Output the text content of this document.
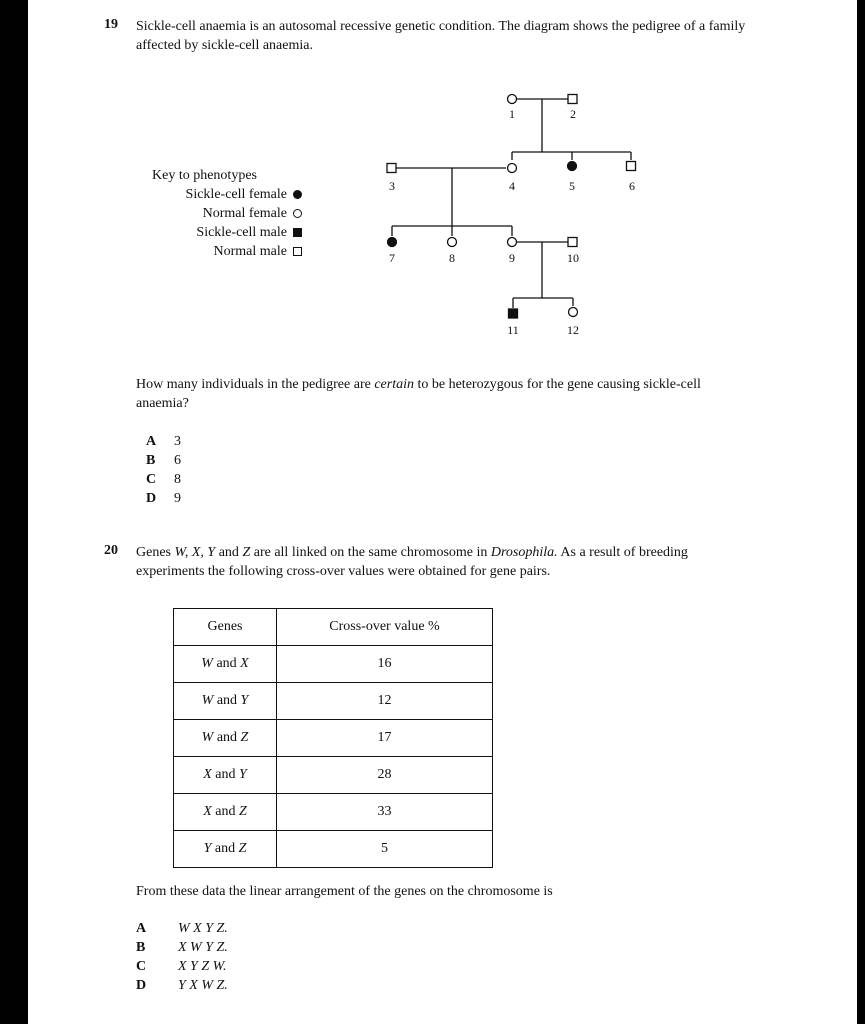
19 Sickle-cell anaemia is an autosomal recessive genetic condition. The diagram shows the pedigree of a family affected by sickle-cell anaemia.
Key to phenotypes
Sickle-cell female
Normal female
Sickle-cell male
Normal male
1	2
3	4	5	6
7	8	9	10
11	12
How many individuals in the pedigree are certain to be heterozygous for the gene causing sickle-cell anaemia?
A 3
B 6
C 8
D 9
20 Genes W, X, Y and Z are all linked on the same chromosome in Drosophila. As a result of breeding experiments the following cross-over values were obtained for gene pairs.
Genes	Cross-over value %
W and X	16
W and Y	12
W and Z	17
X and Y	28
X and Z	33
Y and Z	5
From these data the linear arrangement of the genes on the chromosome is
A W X Y Z.
B X W Y Z.
C X Y Z W.
D Y X W Z.
